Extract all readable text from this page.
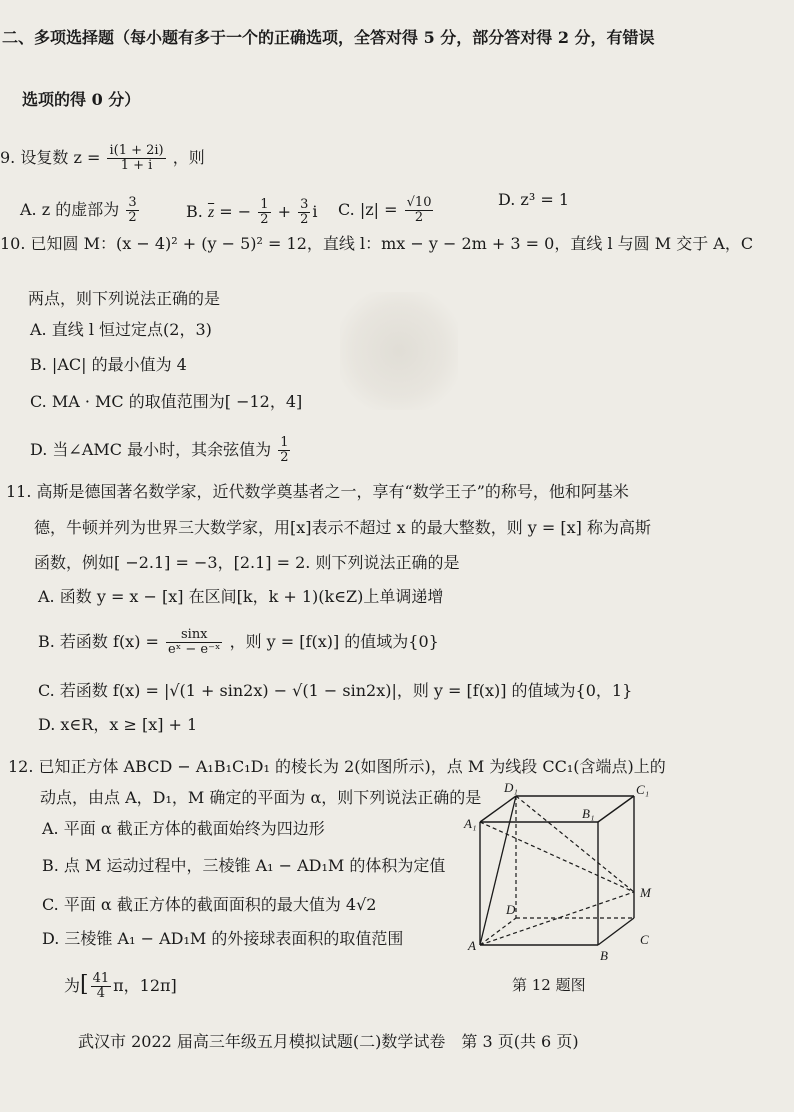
二、多项选择题（每小题有多于一个的正确选项，全答对得 5 分，部分答对得 2 分，有错误
选项的得 0 分）
9. 设复数 $z = \frac{i(1 + 2i)}{1 + i}$ ，则
A. z 的虚部为 $\frac{3}{2}$	B. $\overline{z}$ = − $\frac{1}{2} + \frac{3}{2}$ i C. $|z| = \frac{√10}{2}$	D. z³ = 1
10. 已知圆 M：(x − 4)² + (y − 5)² = 12，直线 l：mx − y − 2m + 3 = 0，直线 l 与圆 M 交于 A，C
两点，则下列说法正确的是
A. 直线 l 恒过定点(2，3)
B. |AC| 的最小值为 4
C. MA · MC 的取值范围为[ −12，4]
D. 当∠AMC 最小时，其余弦值为 $\frac{1}{2}$
11. 高斯是德国著名数学家，近代数学奠基者之一，享有“数学王子”的称号，他和阿基米
德，牛顿并列为世界三大数学家，用[x]表示不超过 x 的最大整数，则 y = [x] 称为高斯
函数，例如[ −2.1] = −3，[2.1] = 2. 则下列说法正确的是
A. 函数 y = x − [x] 在区间[k，k + 1)(k∈Z)上单调递增
B. 若函数 $f(x) = \frac{\sin x}{\text{eˣ − e⁻ˣ}}$ ，则 y = [f(x)] 的值域为{0}
C. 若函数 f(x) = |√(1 + sin2x) − √(1 − sin2x)|，则 y = [f(x)] 的值域为{0，1}
D. x∈R，x ≥ [x] + 1
12. 已知正方体 ABCD − A₁B₁C₁D₁ 的棱长为 2(如图所示)，点 M 为线段 CC₁(含端点)上的
动点，由点 A，D₁，M 确定的平面为 α，则下列说法正确的是
A. 平面 α 截正方体的截面始终为四边形
B. 点 M 运动过程中，三棱锥 A₁ − AD₁M 的体积为定值
C. 平面 α 截正方体的截面面积的最大值为 4√2
D. 三棱锥 A₁ − AD₁M 的外接球表面积的取值范围
为[ $\frac{41}{4}$ π，12π]
D₁	C₁
A₁
B₁
M
D
A	C
B
第 12 题图
武汉市 2022 届高三年级五月模拟试题(二)数学试卷　第 3 页(共 6 页)
